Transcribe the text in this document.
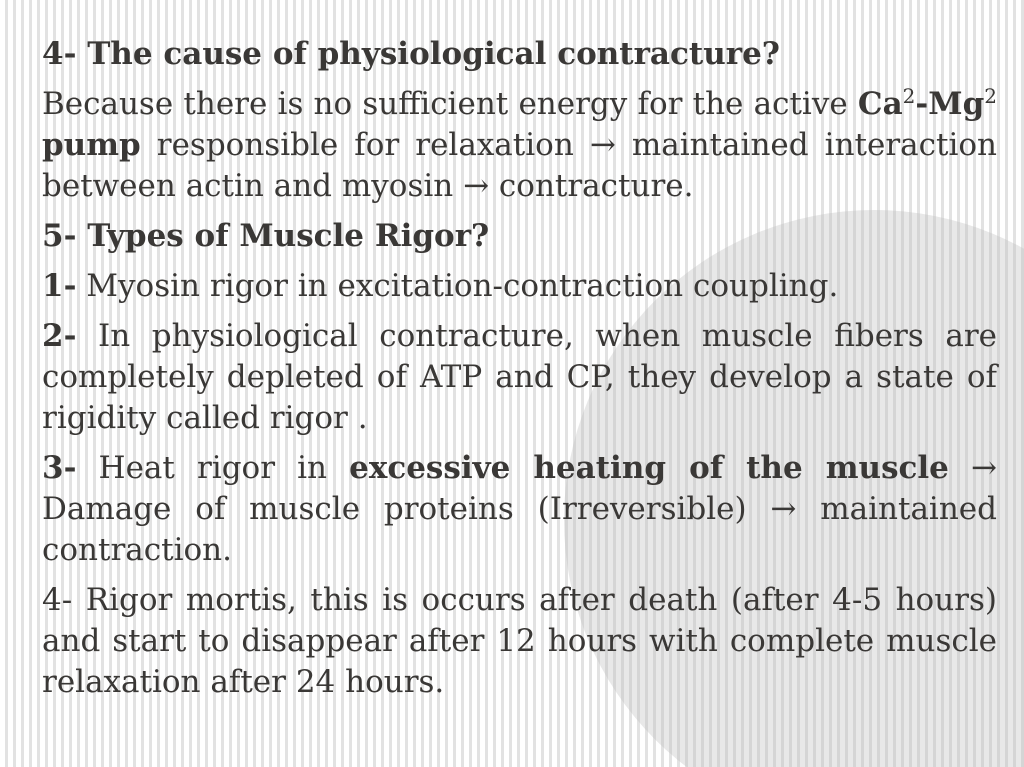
4- The cause of physiological contracture?

Because there is no sufficient energy for the active Ca$^2$-Mg$^2$ pump responsible for relaxation → maintained interaction between actin and myosin → contracture.

5- Types of Muscle Rigor?

1- Myosin rigor in excitation-contraction coupling.

2- In physiological contracture, when muscle fibers are completely depleted of ATP and CP, they develop a state of rigidity called rigor .

3- Heat rigor in excessive heating of the muscle → Damage of muscle proteins (Irreversible) → maintained contraction.

4- Rigor mortis, this is occurs after death (after 4-5 hours) and start to disappear after 12 hours with complete muscle relaxation after 24 hours.
